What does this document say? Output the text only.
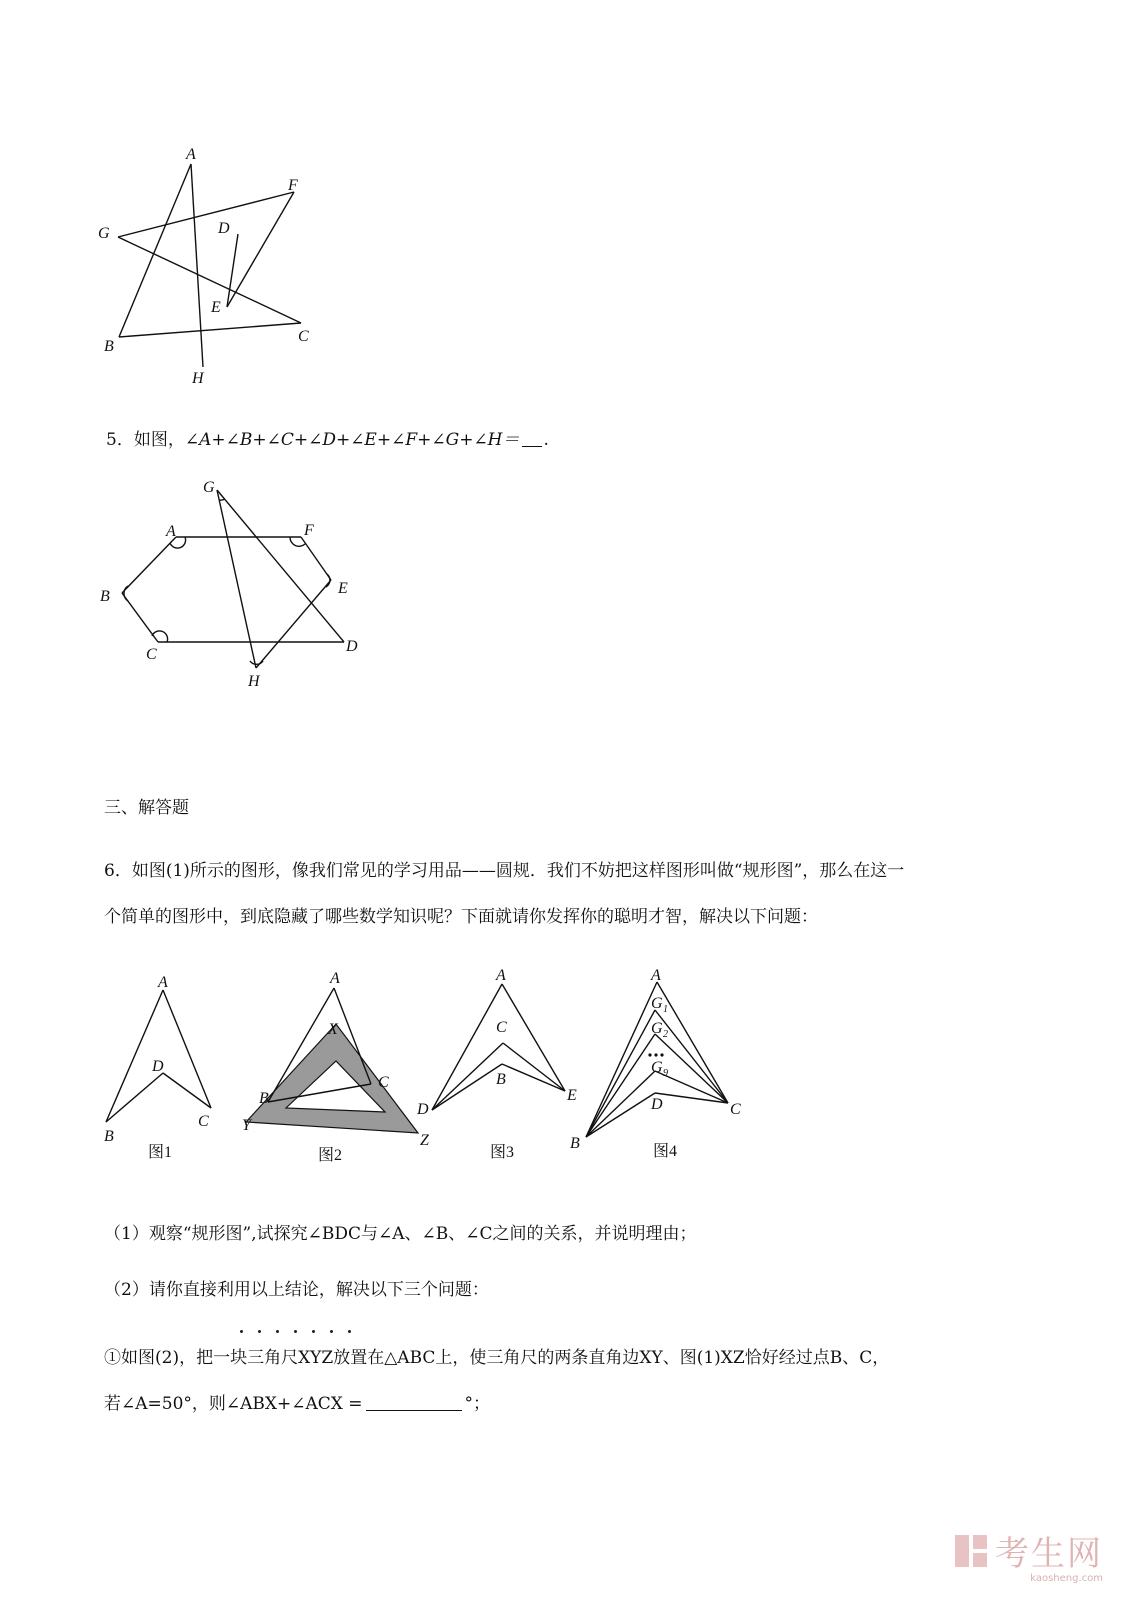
A
F
G	D
E
B
C
H
5．如图，∠A+∠B+∠C+∠D+∠E+∠F+∠G+∠H＝ .
G
A	F
B	E
C	D
H
三、解答题
6．如图(1)所示的图形，像我们常见的学习用品——圆规．我们不妨把这样图形叫做“规形图”，那么在这一
个简单的图形中，到底隐藏了哪些数学知识呢？下面就请你发挥你的聪明才智，解决以下问题：
A
D
B
C
图1
A
X
B
C
Y
Z
图2
A
C
B
D
E
图3
A
G 1
G 2
G 9
D	C
B	图4
（1）观察“规形图”,试探究∠BDC与∠A、∠B、∠C之间的关系，并说明理由；
（2）请你直接利用以上结论，解决以下三个问题：
①如图(2)，把一块三角尺XYZ放置在△ABC上，使三角尺的两条直角边XY、图(1)XZ恰好经过点B、C，
若∠A=50°，则∠ABX+∠ACX =	°；
考生网
kaosheng.com
